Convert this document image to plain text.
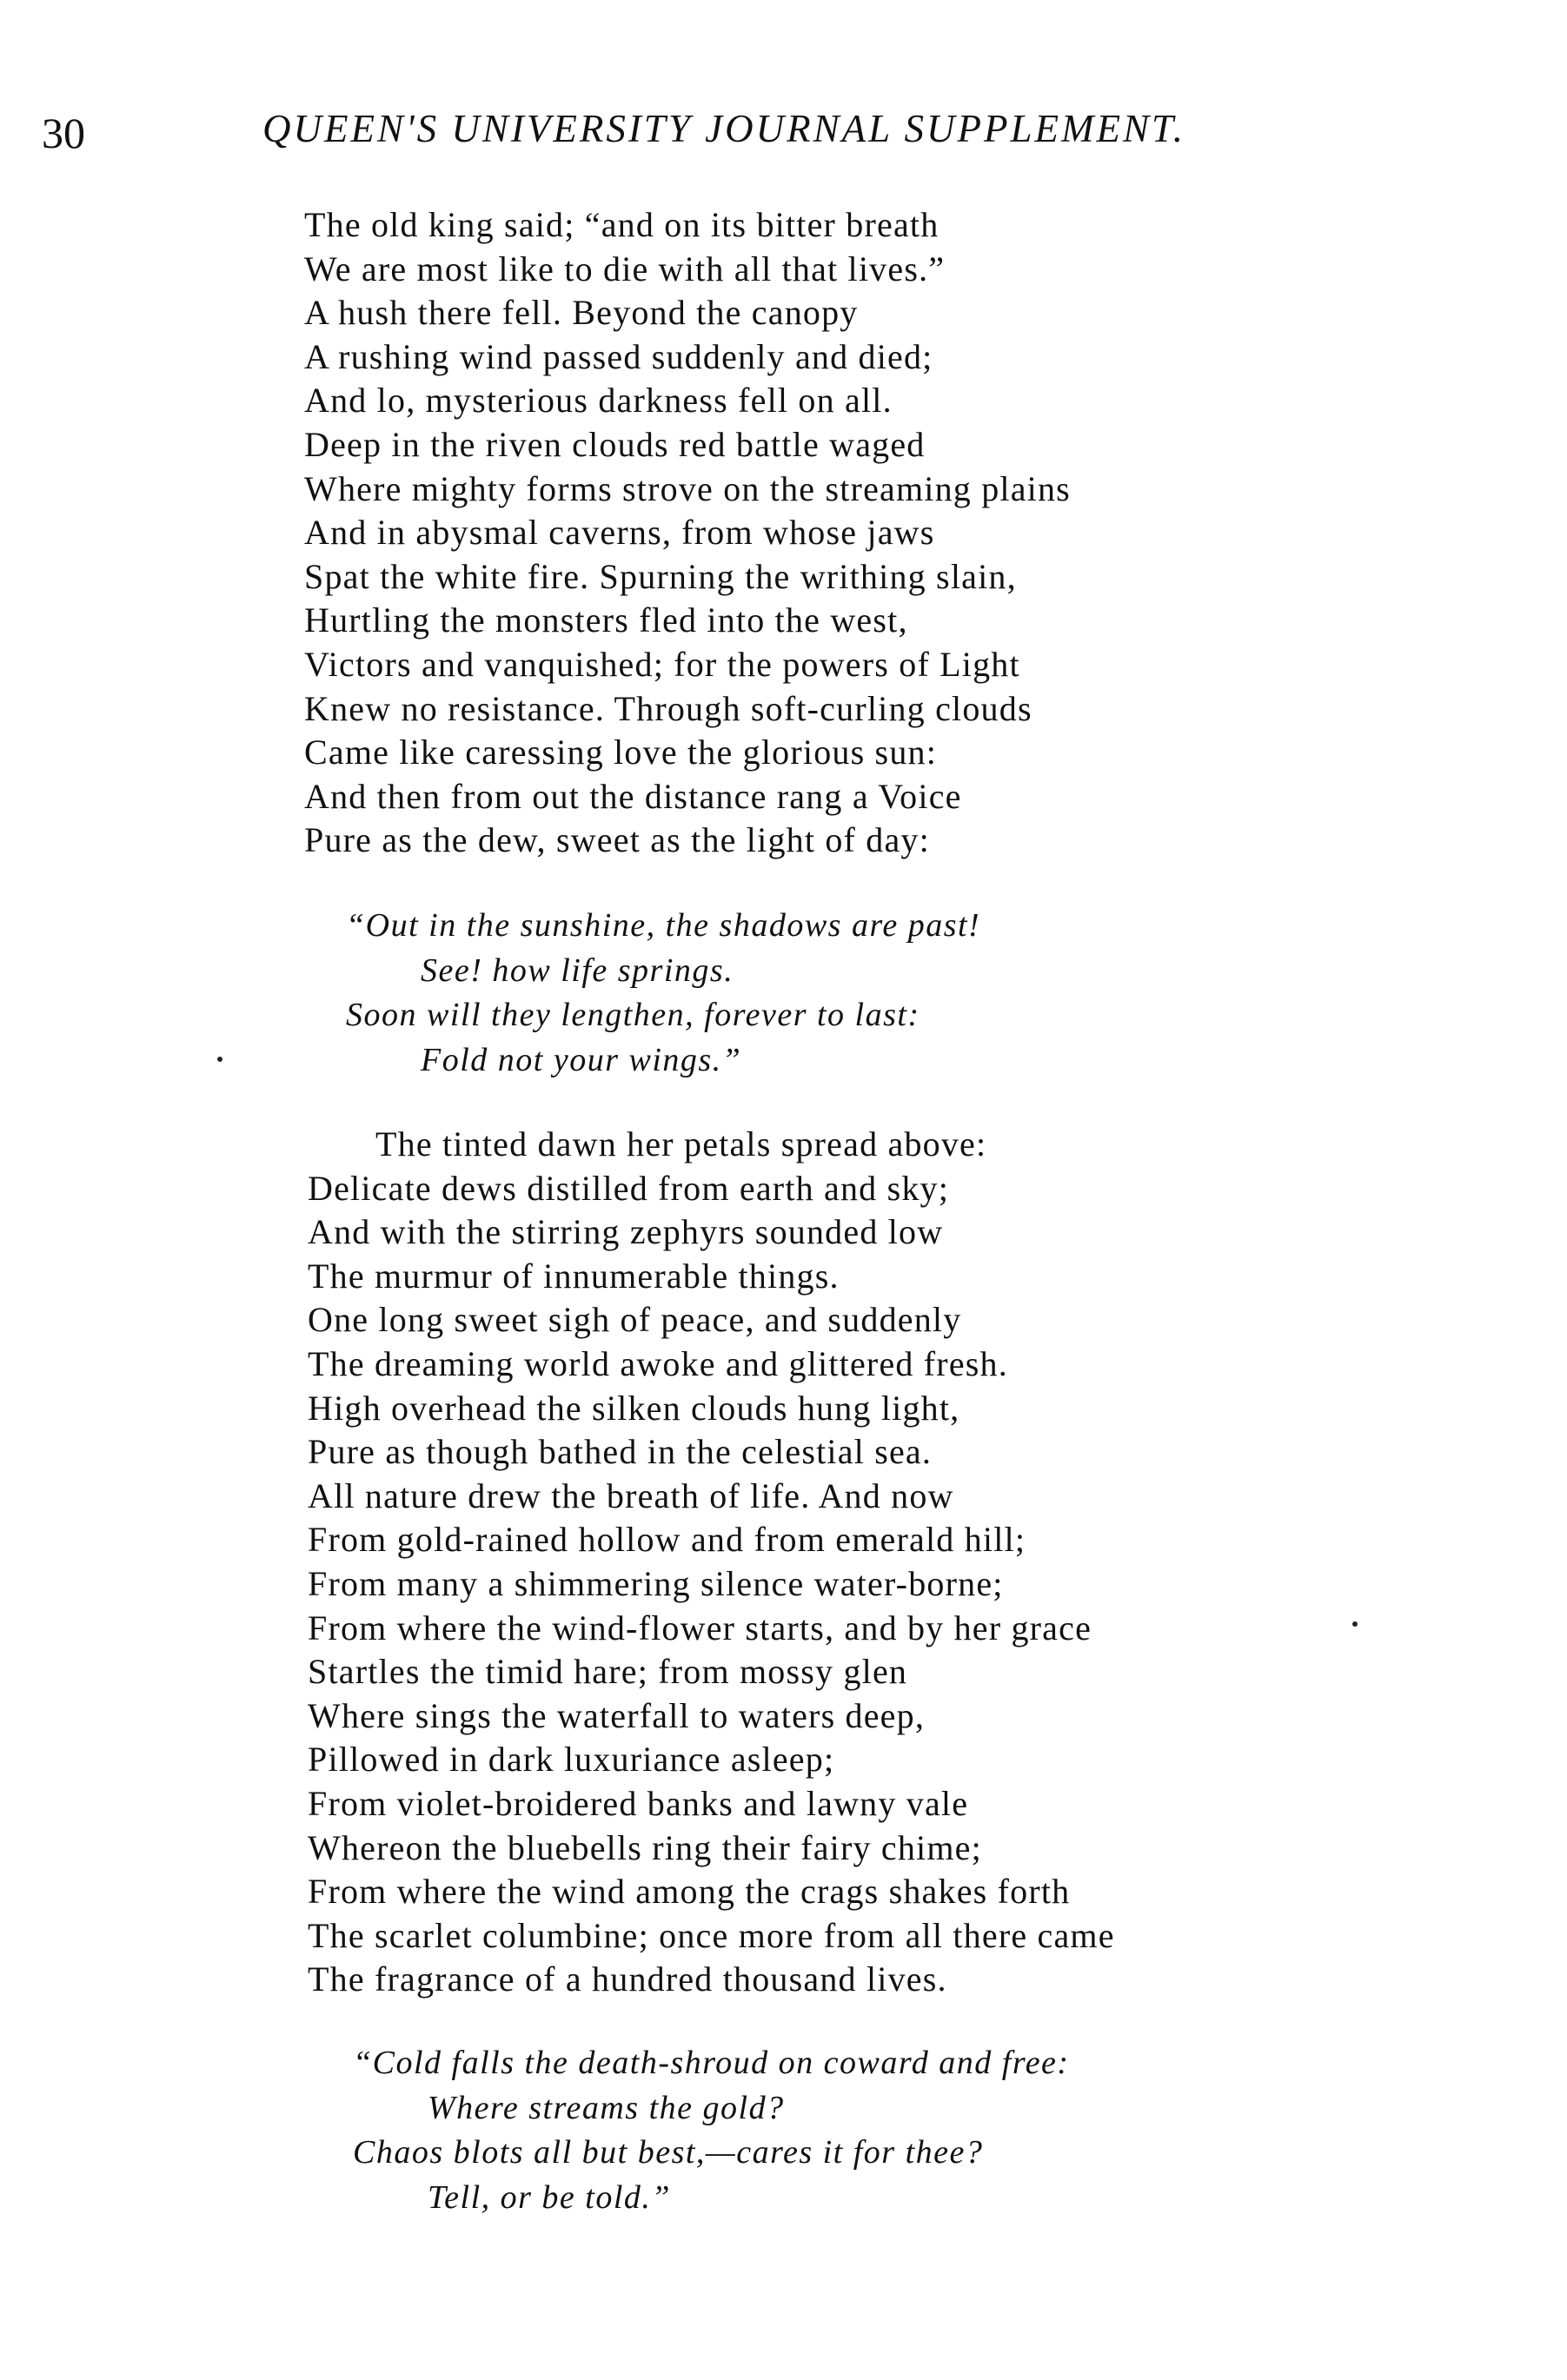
30	QUEEN'S UNIVERSITY JOURNAL SUPPLEMENT.
The old king said; “and on its bitter breath
We are most like to die with all that lives.”
A hush there fell. Beyond the canopy
A rushing wind passed suddenly and died;
And lo, mysterious darkness fell on all.
Deep in the riven clouds red battle waged
Where mighty forms strove on the streaming plains
And in abysmal caverns, from whose jaws
Spat the white fire. Spurning the writhing slain,
Hurtling the monsters fled into the west,
Victors and vanquished; for the powers of Light
Knew no resistance. Through soft-curling clouds
Came like caressing love the glorious sun:
And then from out the distance rang a Voice
Pure as the dew, sweet as the light of day:
“Out in the sunshine, the shadows are past!
See! how life springs.
Soon will they lengthen, forever to last:
Fold not your wings.”
The tinted dawn her petals spread above:
Delicate dews distilled from earth and sky;
And with the stirring zephyrs sounded low
The murmur of innumerable things.
One long sweet sigh of peace, and suddenly
The dreaming world awoke and glittered fresh.
High overhead the silken clouds hung light,
Pure as though bathed in the celestial sea.
All nature drew the breath of life. And now
From gold-rained hollow and from emerald hill;
From many a shimmering silence water-borne;
From where the wind-flower starts, and by her grace
Startles the timid hare; from mossy glen
Where sings the waterfall to waters deep,
Pillowed in dark luxuriance asleep;
From violet-broidered banks and lawny vale
Whereon the bluebells ring their fairy chime;
From where the wind among the crags shakes forth
The scarlet columbine; once more from all there came
The fragrance of a hundred thousand lives.
“Cold falls the death-shroud on coward and free:
Where streams the gold?
Chaos blots all but best,—cares it for thee?
Tell, or be told.”
